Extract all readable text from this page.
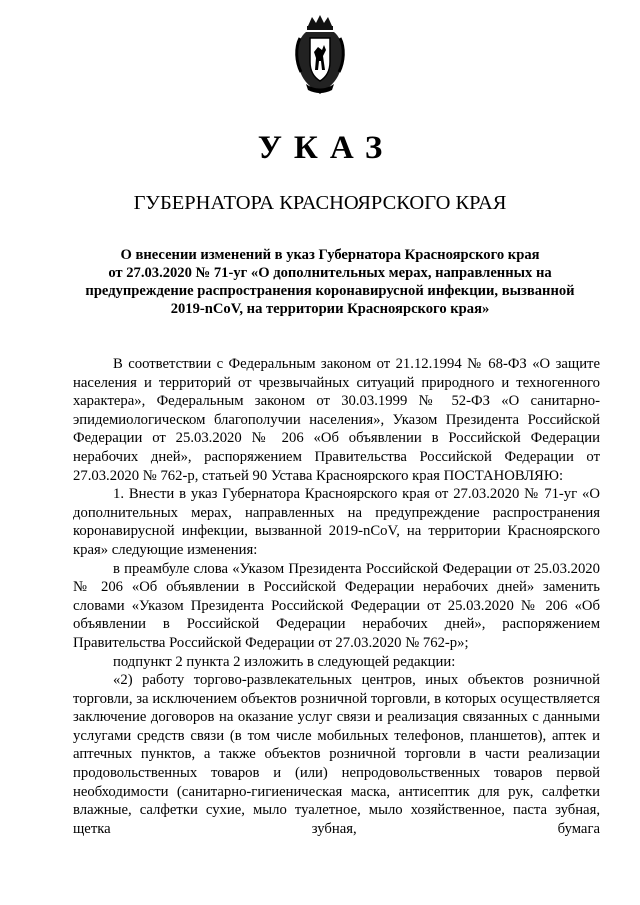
УКАЗ
ГУБЕРНАТОРА КРАСНОЯРСКОГО КРАЯ
О внесении изменений в указ Губернатора Красноярского края
от 27.03.2020 № 71-уг «О дополнительных мерах, направленных на
предупреждение распространения коронавирусной инфекции, вызванной
2019-nCoV, на территории Красноярского края»

В соответствии с Федеральным законом от 21.12.1994 № 68-ФЗ «О защите населения и территорий от чрезвычайных ситуаций природного и техногенного характера», Федеральным законом от 30.03.1999 № 52-ФЗ «О санитарно-эпидемиологическом благополучии населения», Указом Президента Российской Федерации от 25.03.2020 № 206 «Об объявлении в Российской Федерации нерабочих дней», распоряжением Правительства Российской Федерации от 27.03.2020 № 762-р, статьей 90 Устава Красноярского края ПОСТАНОВЛЯЮ:

1. Внести в указ Губернатора Красноярского края от 27.03.2020 № 71-уг «О дополнительных мерах, направленных на предупреждение распространения коронавирусной инфекции, вызванной 2019-nCoV, на территории Красноярского края» следующие изменения:

в преамбуле слова «Указом Президента Российской Федерации от 25.03.2020 № 206 «Об объявлении в Российской Федерации нерабочих дней» заменить словами «Указом Президента Российской Федерации от 25.03.2020 № 206 «Об объявлении в Российской Федерации нерабочих дней», распоряжением Правительства Российской Федерации от 27.03.2020 № 762-р»;

подпункт 2 пункта 2 изложить в следующей редакции:

«2) работу торгово-развлекательных центров, иных объектов розничной торговли, за исключением объектов розничной торговли, в которых осуществляется заключение договоров на оказание услуг связи и реализация связанных с данными услугами средств связи (в том числе мобильных телефонов, планшетов), аптек и аптечных пунктов, а также объектов розничной торговли в части реализации продовольственных товаров и (или) непродовольственных товаров первой необходимости (санитарно-гигиеническая маска, антисептик для рук, салфетки влажные, салфетки сухие, мыло туалетное, мыло хозяйственное, паста зубная, щетка зубная, бумага
